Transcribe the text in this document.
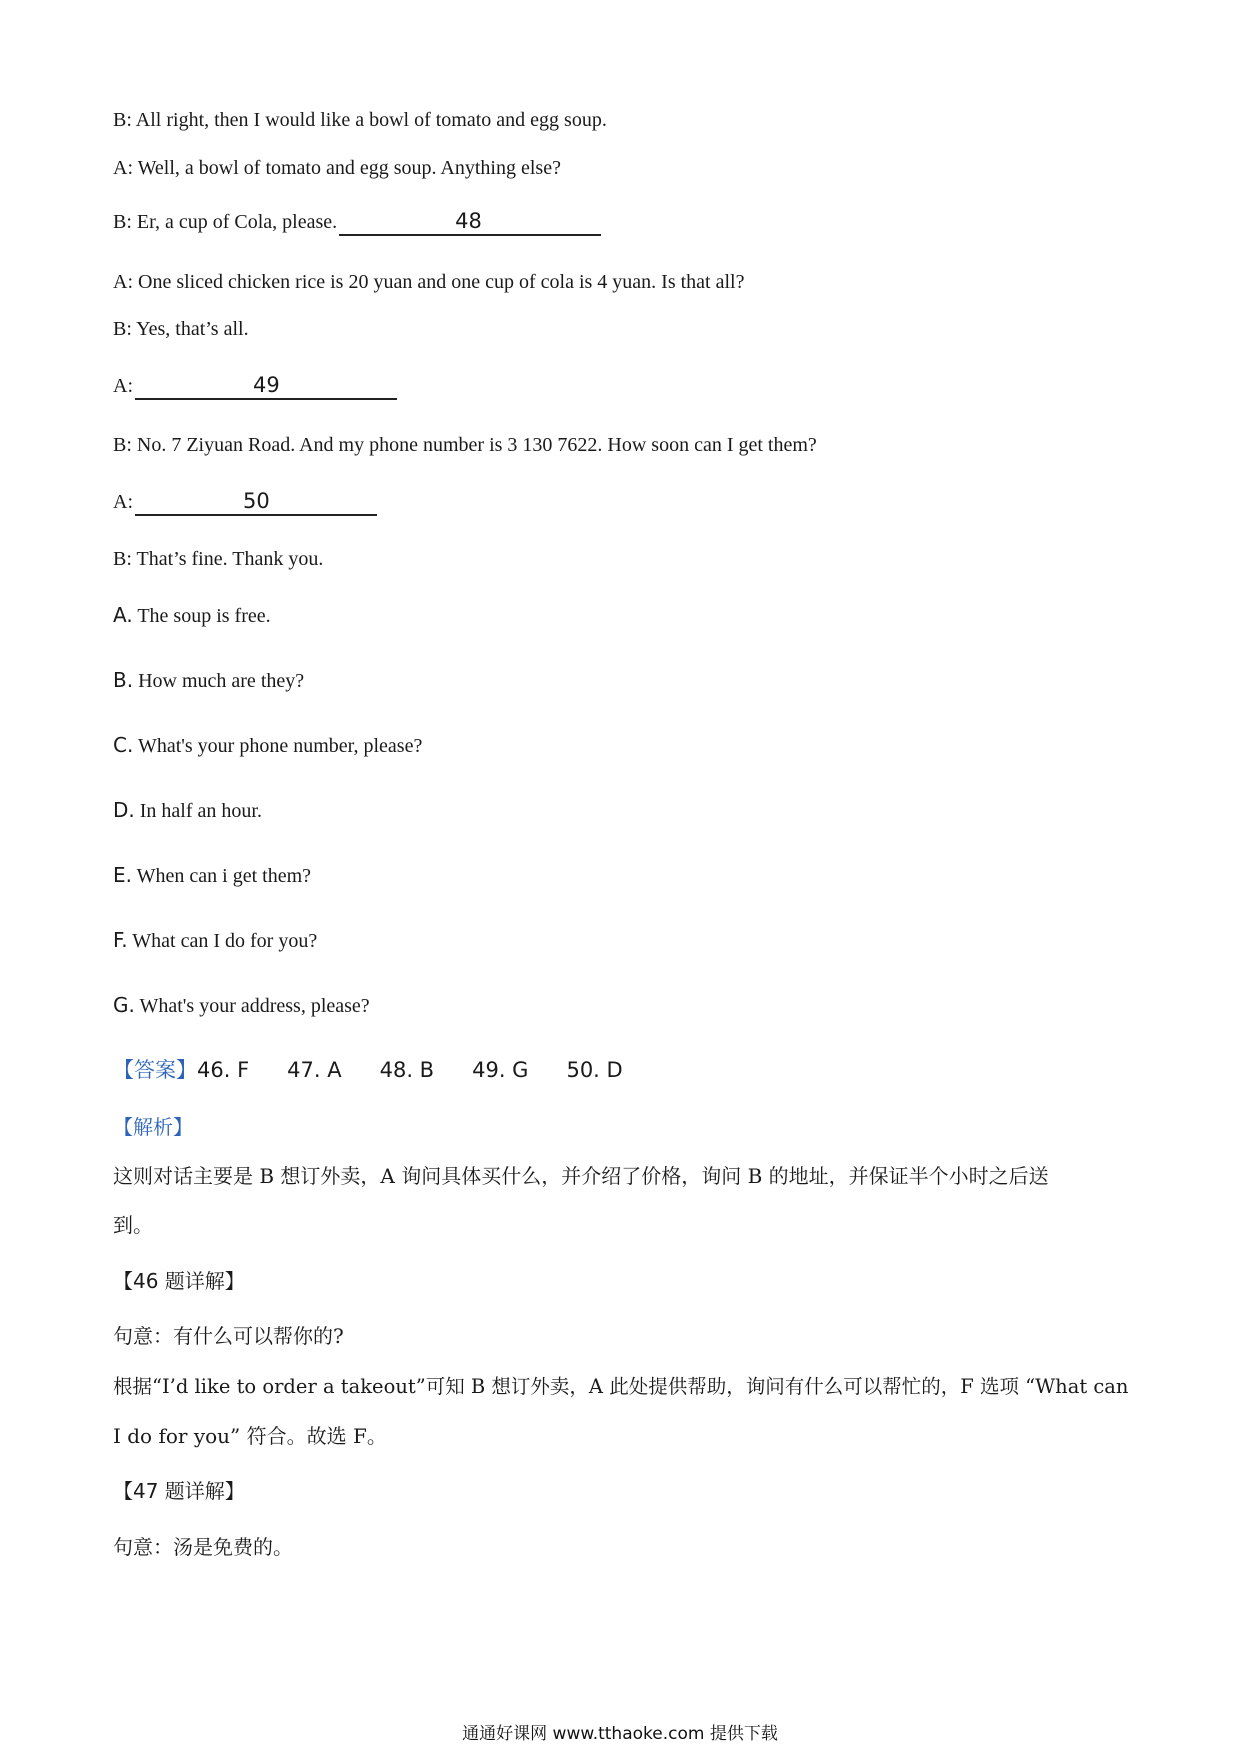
B: All right, then I would like a bowl of tomato and egg soup.
A: Well, a bowl of tomato and egg soup. Anything else?
B: Er, a cup of Cola, please.	48
A: One sliced chicken rice is 20 yuan and one cup of cola is 4 yuan. Is that all?
B: Yes, that’s all.
A:	49
B: No. 7 Ziyuan Road. And my phone number is 3 130 7622. How soon can I get them?
A:	50
B: That’s fine. Thank you.
A. The soup is free.
B. How much are they?
C. What's your phone number, please?
D. In half an hour.
E. When can i get them?
F. What can I do for you?
G. What's your address, please?
【答案】46. F 47. A 48. B 49. G 50. D
【解析】
这则对话主要是 B 想订外卖，A 询问具体买什么，并介绍了价格，询问 B 的地址，并保证半个小时之后送
到。
【46 题详解】
句意：有什么可以帮你的?
根据“I’d like to order a takeout”可知 B 想订外卖，A 此处提供帮助，询问有什么可以帮忙的，F 选项 “What can
I do for you” 符合。故选 F。
【47 题详解】
句意：汤是免费的。
通通好课网 www.tthaoke.com 提供下载
